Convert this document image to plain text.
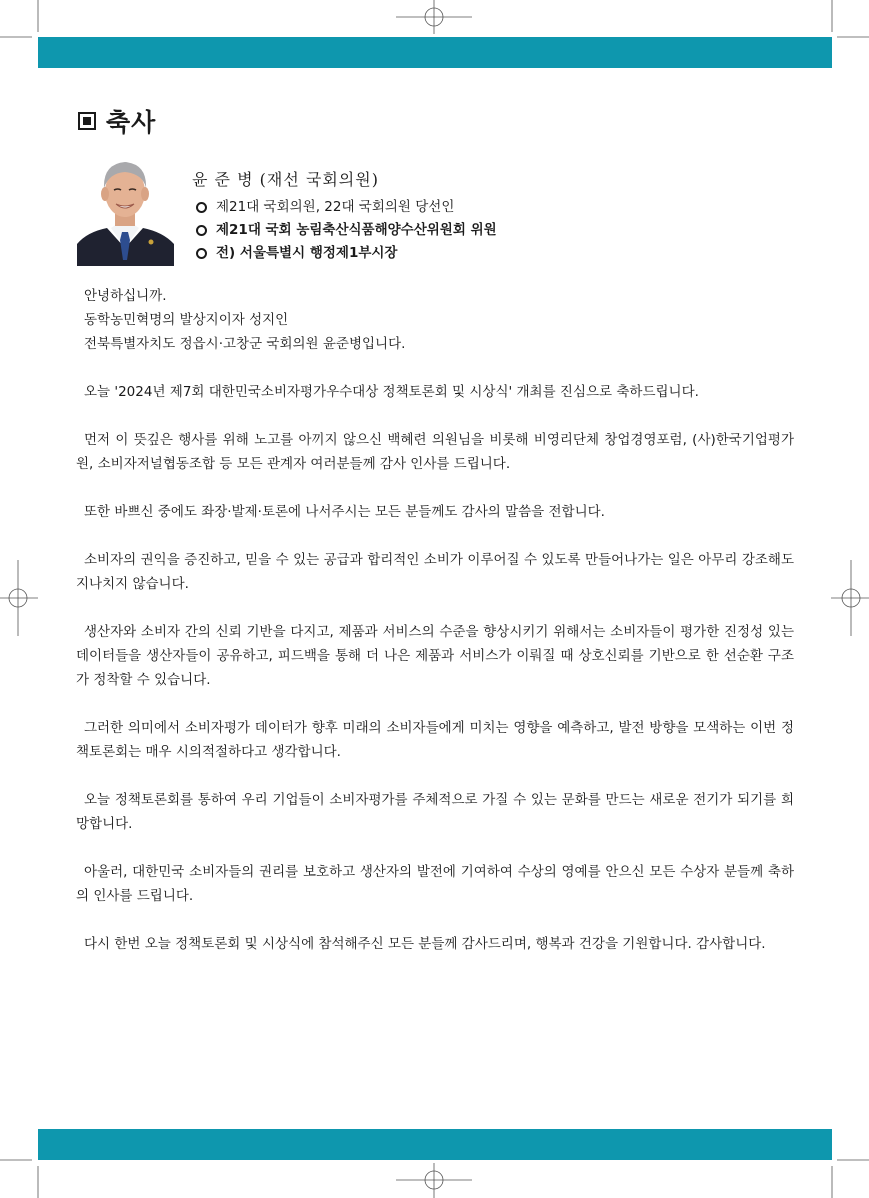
축사
윤 준 병 (재선 국회의원)
제21대 국회의원, 22대 국회의원 당선인
제21대 국회 농림축산식품해양수산위원회 위원
전) 서울특별시 행정제1부시장

안녕하십니까.

동학농민혁명의 발상지이자 성지인

전북특별자치도 정읍시·고창군 국회의원 윤준병입니다.

오늘 '2024년 제7회 대한민국소비자평가우수대상 정책토론회 및 시상식' 개최를 진심으로 축하드립니다.

먼저 이 뜻깊은 행사를 위해 노고를 아끼지 않으신 백혜련 의원님을 비롯해 비영리단체 창업경영포럼, (사)한국기업평가원, 소비자저널협동조합 등 모든 관계자 여러분들께 감사 인사를 드립니다.

또한 바쁘신 중에도 좌장·발제·토론에 나서주시는 모든 분들께도 감사의 말씀을 전합니다.

소비자의 권익을 증진하고, 믿을 수 있는 공급과 합리적인 소비가 이루어질 수 있도록 만들어나가는 일은 아무리 강조해도 지나치지 않습니다.

생산자와 소비자 간의 신뢰 기반을 다지고, 제품과 서비스의 수준을 향상시키기 위해서는 소비자들이 평가한 진정성 있는 데이터들을 생산자들이 공유하고, 피드백을 통해 더 나은 제품과 서비스가 이뤄질 때 상호신뢰를 기반으로 한 선순환 구조가 정착할 수 있습니다.

그러한 의미에서 소비자평가 데이터가 향후 미래의 소비자들에게 미치는 영향을 예측하고, 발전 방향을 모색하는 이번 정책토론회는 매우 시의적절하다고 생각합니다.

오늘 정책토론회를 통하여 우리 기업들이 소비자평가를 주체적으로 가질 수 있는 문화를 만드는 새로운 전기가 되기를 희망합니다.

아울러, 대한민국 소비자들의 권리를 보호하고 생산자의 발전에 기여하여 수상의 영예를 안으신 모든 수상자 분들께 축하의 인사를 드립니다.

다시 한번 오늘 정책토론회 및 시상식에 참석해주신 모든 분들께 감사드리며, 행복과 건강을 기원합니다. 감사합니다.
